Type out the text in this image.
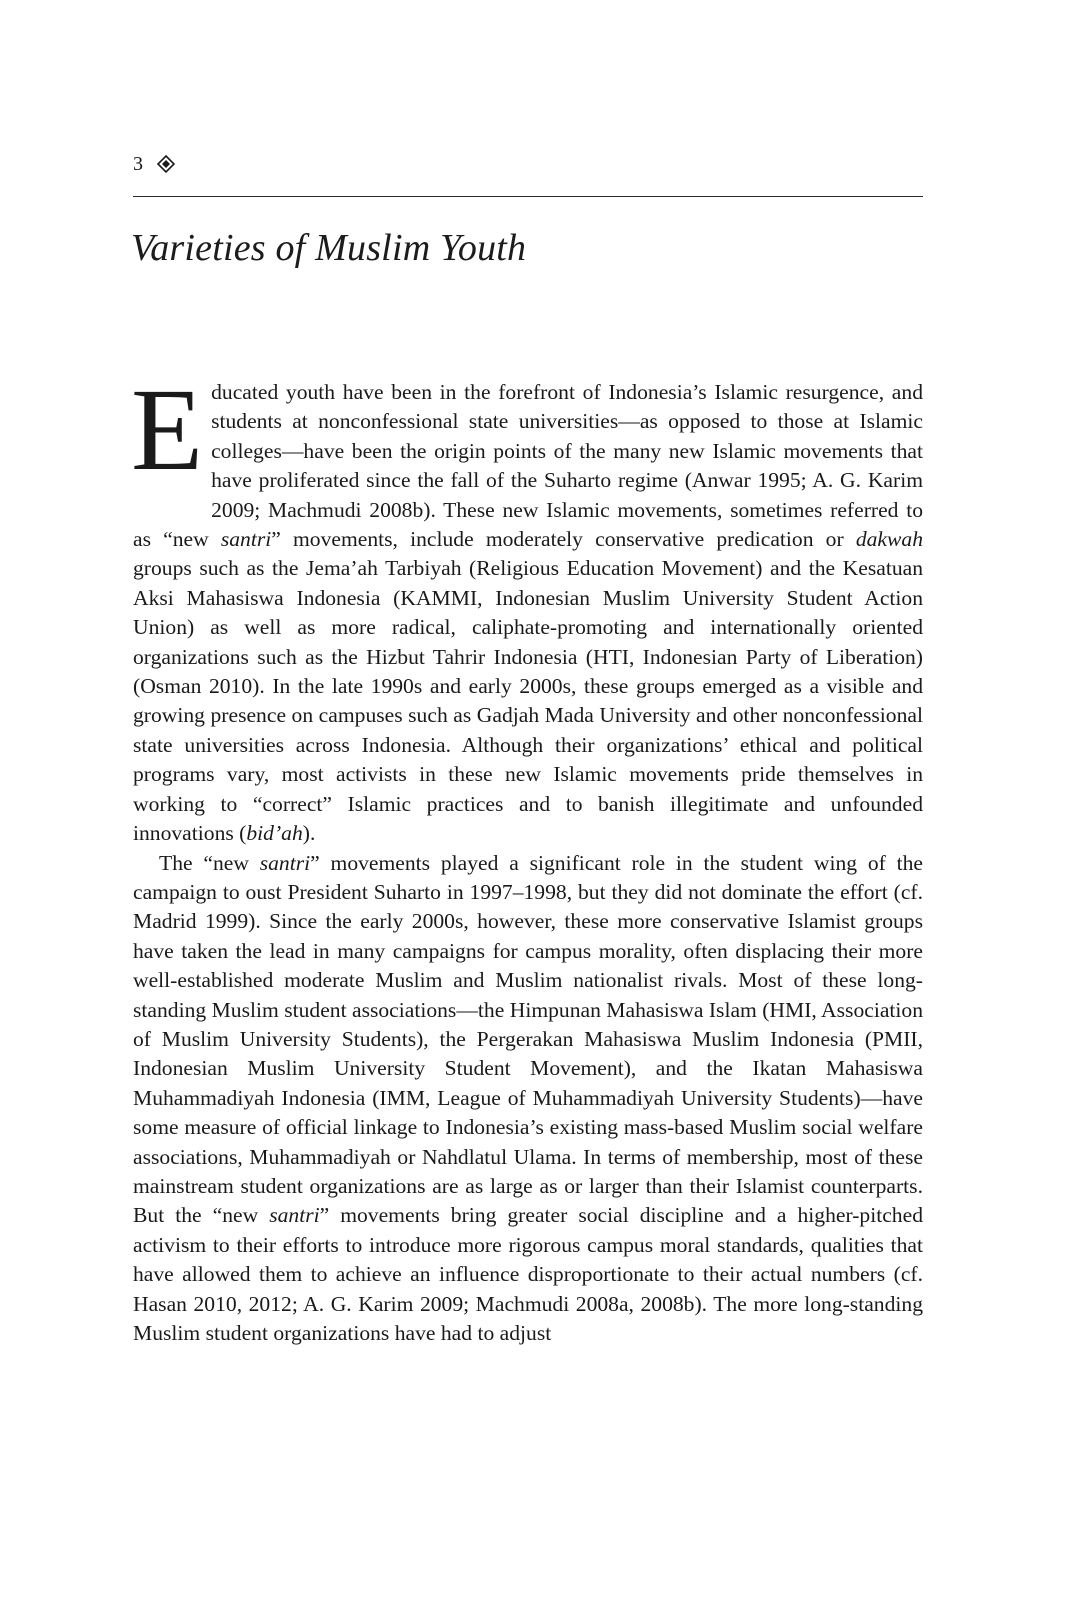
3
Varieties of Muslim Youth

Educated youth have been in the forefront of Indonesia’s Islamic resurgence, and students at nonconfessional state universities—as opposed to those at Islamic colleges—have been the origin points of the many new Islamic movements that have proliferated since the fall of the Suharto regime (Anwar 1995; A. G. Karim 2009; Machmudi 2008b). These new Islamic movements, sometimes referred to as “new santri” movements, include moderately conservative predication or dakwah groups such as the Jema’ah Tarbiyah (Religious Education Movement) and the Kesatuan Aksi Mahasiswa Indonesia (KAMMI, Indonesian Muslim University Student Action Union) as well as more radical, caliphate-promoting and internationally oriented organizations such as the Hizbut Tahrir Indonesia (HTI, Indonesian Party of Liberation) (Osman 2010). In the late 1990s and early 2000s, these groups emerged as a visible and growing presence on campuses such as Gadjah Mada University and other nonconfessional state universities across Indonesia. Although their organizations’ ethical and political programs vary, most activists in these new Islamic movements pride themselves in working to “correct” Islamic practices and to banish illegitimate and unfounded innovations (bid’ah).

The “new santri” movements played a significant role in the student wing of the campaign to oust President Suharto in 1997–1998, but they did not dominate the effort (cf. Madrid 1999). Since the early 2000s, however, these more conservative Islamist groups have taken the lead in many campaigns for campus morality, often displacing their more well-established moderate Muslim and Muslim nationalist rivals. Most of these long-standing Muslim student associations—the Himpunan Mahasiswa Islam (HMI, Association of Muslim University Students), the Pergerakan Mahasiswa Muslim Indonesia (PMII, Indonesian Muslim University Student Movement), and the Ikatan Mahasiswa Muhammadiyah Indonesia (IMM, League of Muhammadiyah University Students)—have some measure of official linkage to Indonesia’s existing mass-based Muslim social welfare associations, Muhammadiyah or Nahdlatul Ulama. In terms of membership, most of these mainstream student organizations are as large as or larger than their Islamist counterparts. But the “new santri” movements bring greater social discipline and a higher-pitched activism to their efforts to introduce more rigorous campus moral standards, qualities that have allowed them to achieve an influence disproportionate to their actual numbers (cf. Hasan 2010, 2012; A. G. Karim 2009; Machmudi 2008a, 2008b). The more long-standing Muslim student organizations have had to adjust
